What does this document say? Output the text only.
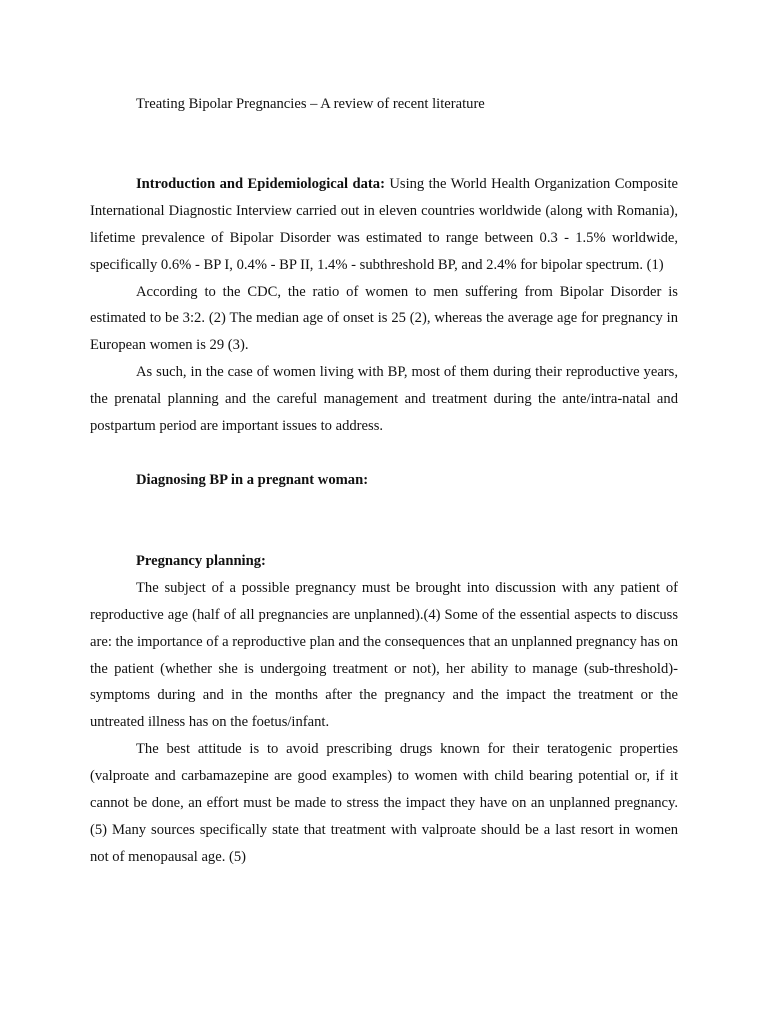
Treating Bipolar Pregnancies – A review of recent literature

Introduction and Epidemiological data: Using the World Health Organization Composite International Diagnostic Interview carried out in eleven countries worldwide (along with Romania), lifetime prevalence of Bipolar Disorder was estimated to range between 0.3 - 1.5% worldwide, specifically 0.6% - BP I, 0.4% - BP II, 1.4% - subthreshold BP, and 2.4% for bipolar spectrum. (1)

According to the CDC, the ratio of women to men suffering from Bipolar Disorder is estimated to be 3:2. (2) The median age of onset is 25 (2), whereas the average age for pregnancy in European women is 29 (3).

As such, in the case of women living with BP, most of them during their reproductive years, the prenatal planning and the careful management and treatment during the ante/intra-natal and postpartum period are important issues to address.

Diagnosing BP in a pregnant woman:
Pregnancy planning:

The subject of a possible pregnancy must be brought into discussion with any patient of reproductive age (half of all pregnancies are unplanned).(4) Some of the essential aspects to discuss are: the importance of a reproductive plan and the consequences that an unplanned pregnancy has on the patient (whether she is undergoing treatment or not), her ability to manage (sub-threshold)-symptoms during and in the months after the pregnancy and the impact the treatment or the untreated illness has on the foetus/infant.

The best attitude is to avoid prescribing drugs known for their teratogenic properties (valproate and carbamazepine are good examples) to women with child bearing potential or, if it cannot be done, an effort must be made to stress the impact they have on an unplanned pregnancy. (5) Many sources specifically state that treatment with valproate should be a last resort in women not of menopausal age. (5)
